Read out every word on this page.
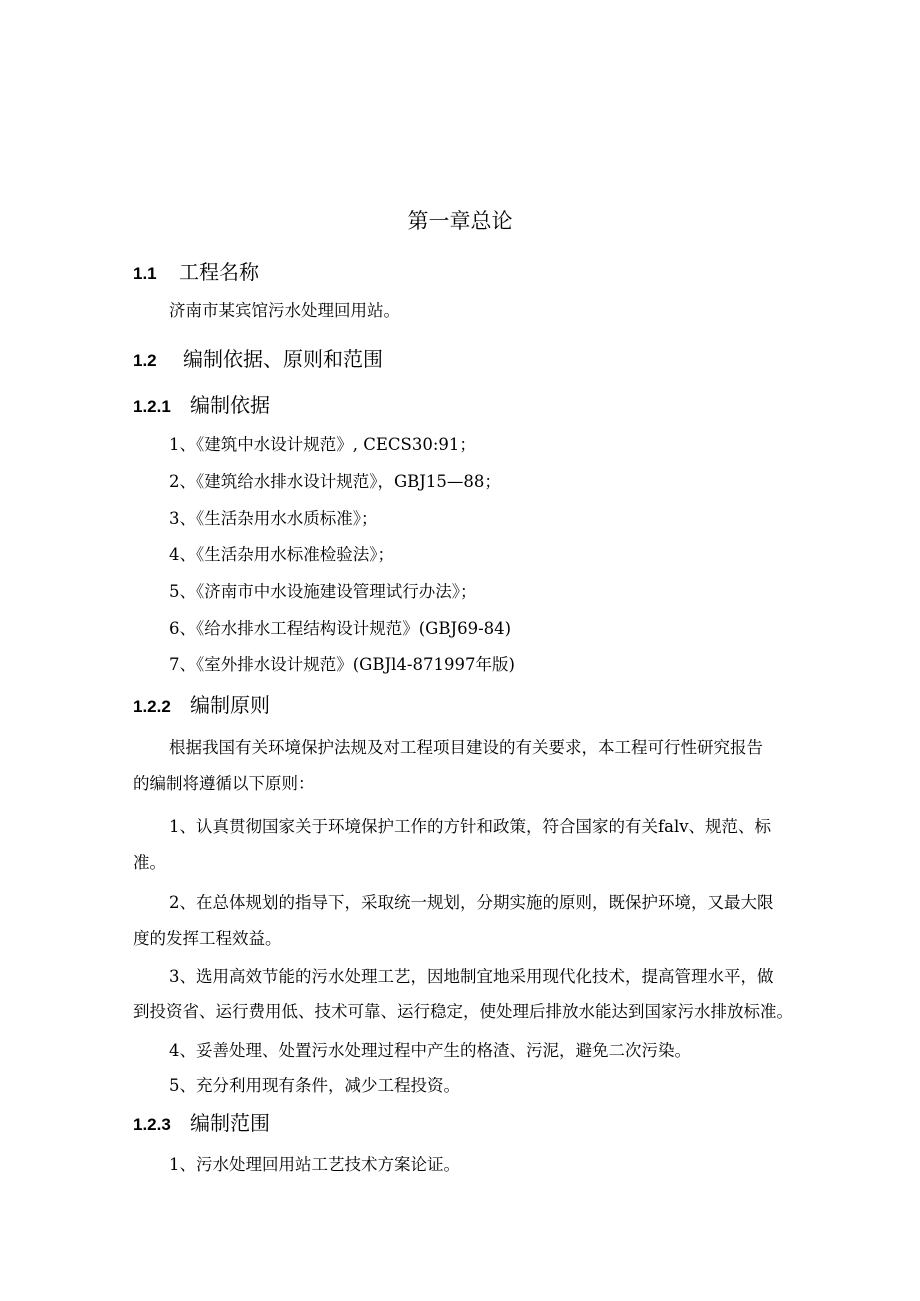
第一章总论
1.1 工程名称
济南市某宾馆污水处理回用站。
1.2 编制依据、原则和范围
1.2.1 编制依据
1、《建筑中水设计规范》, CECS30:91；
2、《建筑给水排水设计规范》，GBJ15—88；
3、《生活杂用水水质标准》；
4、《生活杂用水标准检验法》；
5、《济南市中水设施建设管理试行办法》；
6、《给水排水工程结构设计规范》(GBJ69-84)
7、《室外排水设计规范》(GBJl4-871997年版)
1.2.2 编制原则
根据我国有关环境保护法规及对工程项目建设的有关要求，本工程可行性研究报告
的编制将遵循以下原则：
1、认真贯彻国家关于环境保护工作的方针和政策，符合国家的有关falv、规范、标
准。
2、在总体规划的指导下，采取统一规划，分期实施的原则，既保护环境，又最大限
度的发挥工程效益。
3、选用高效节能的污水处理工艺，因地制宜地采用现代化技术，提高管理水平，做
到投资省、运行费用低、技术可靠、运行稳定，使处理后排放水能达到国家污水排放标准。
4、妥善处理、处置污水处理过程中产生的格渣、污泥，避免二次污染。
5、充分利用现有条件，减少工程投资。
1.2.3 编制范围
1、污水处理回用站工艺技术方案论证。
